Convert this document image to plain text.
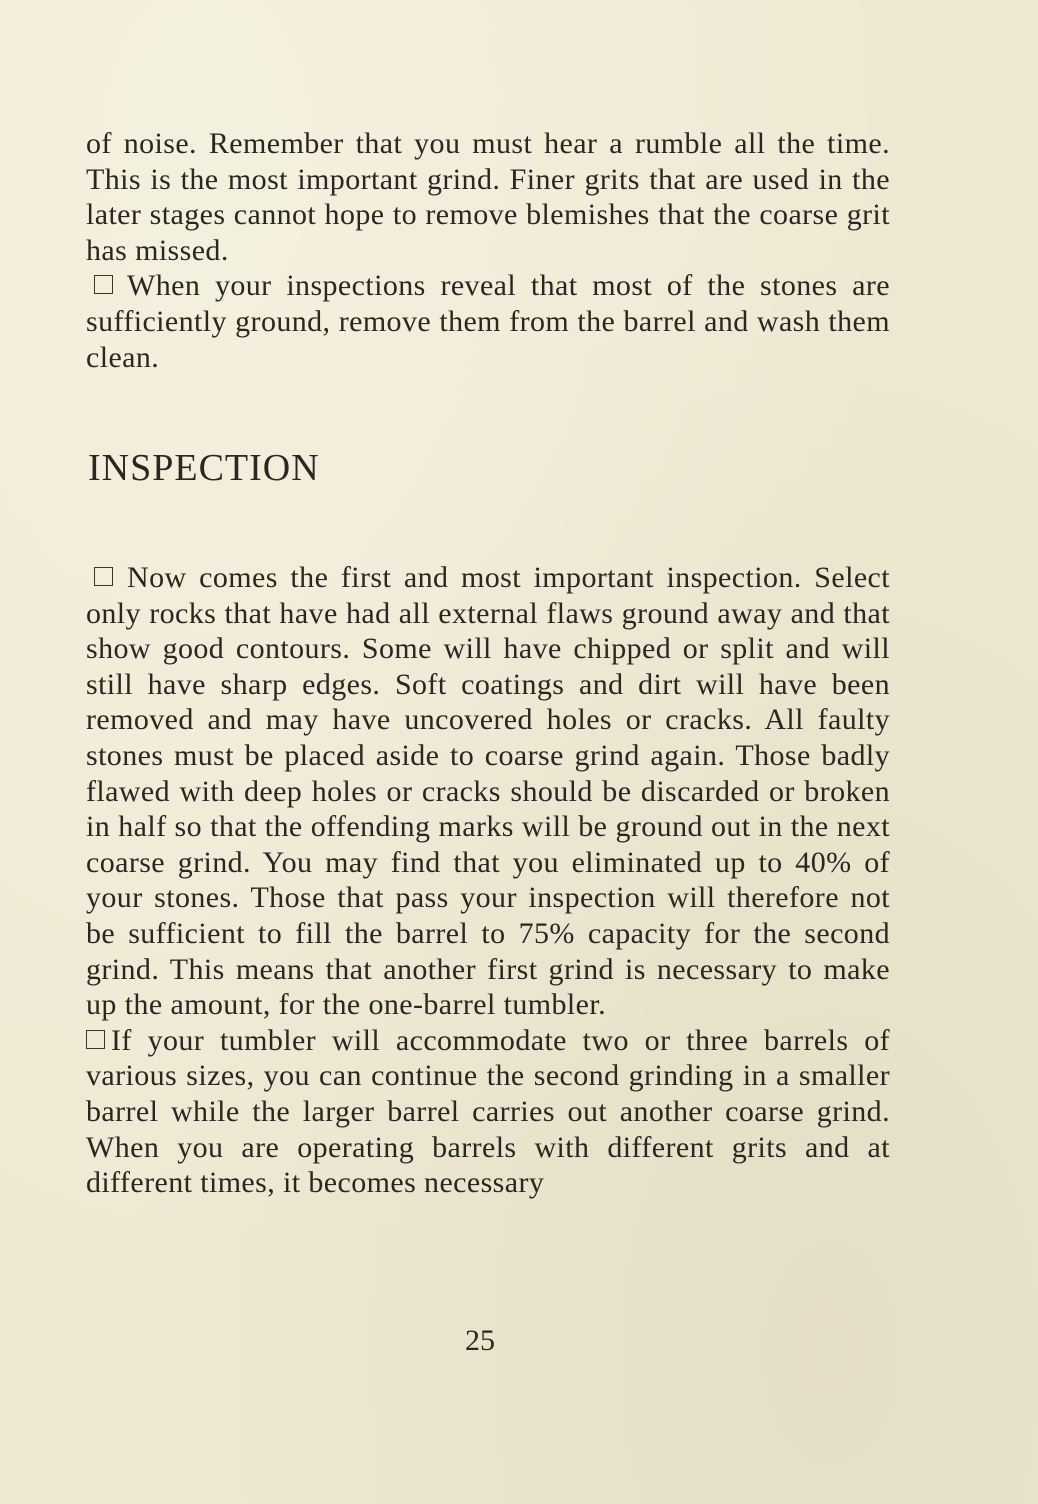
of noise. Remember that you must hear a rumble all the time. This is the most important grind. Finer grits that are used in the later stages cannot hope to remove blemishes that the coarse grit has missed.

When your inspections reveal that most of the stones are sufficiently ground, remove them from the barrel and wash them clean.

INSPECTION

Now comes the first and most important inspection. Select only rocks that have had all external flaws ground away and that show good contours. Some will have chipped or split and will still have sharp edges. Soft coatings and dirt will have been removed and may have uncovered holes or cracks. All faulty stones must be placed aside to coarse grind again. Those badly flawed with deep holes or cracks should be discarded or broken in half so that the offending marks will be ground out in the next coarse grind. You may find that you eliminated up to 40% of your stones. Those that pass your inspection will therefore not be sufficient to fill the barrel to 75% capacity for the second grind. This means that another first grind is necessary to make up the amount, for the one-barrel tumbler.

If your tumbler will accommodate two or three barrels of various sizes, you can continue the second grinding in a smaller barrel while the larger barrel carries out another coarse grind. When you are operating barrels with different grits and at different times, it becomes necessary

25
